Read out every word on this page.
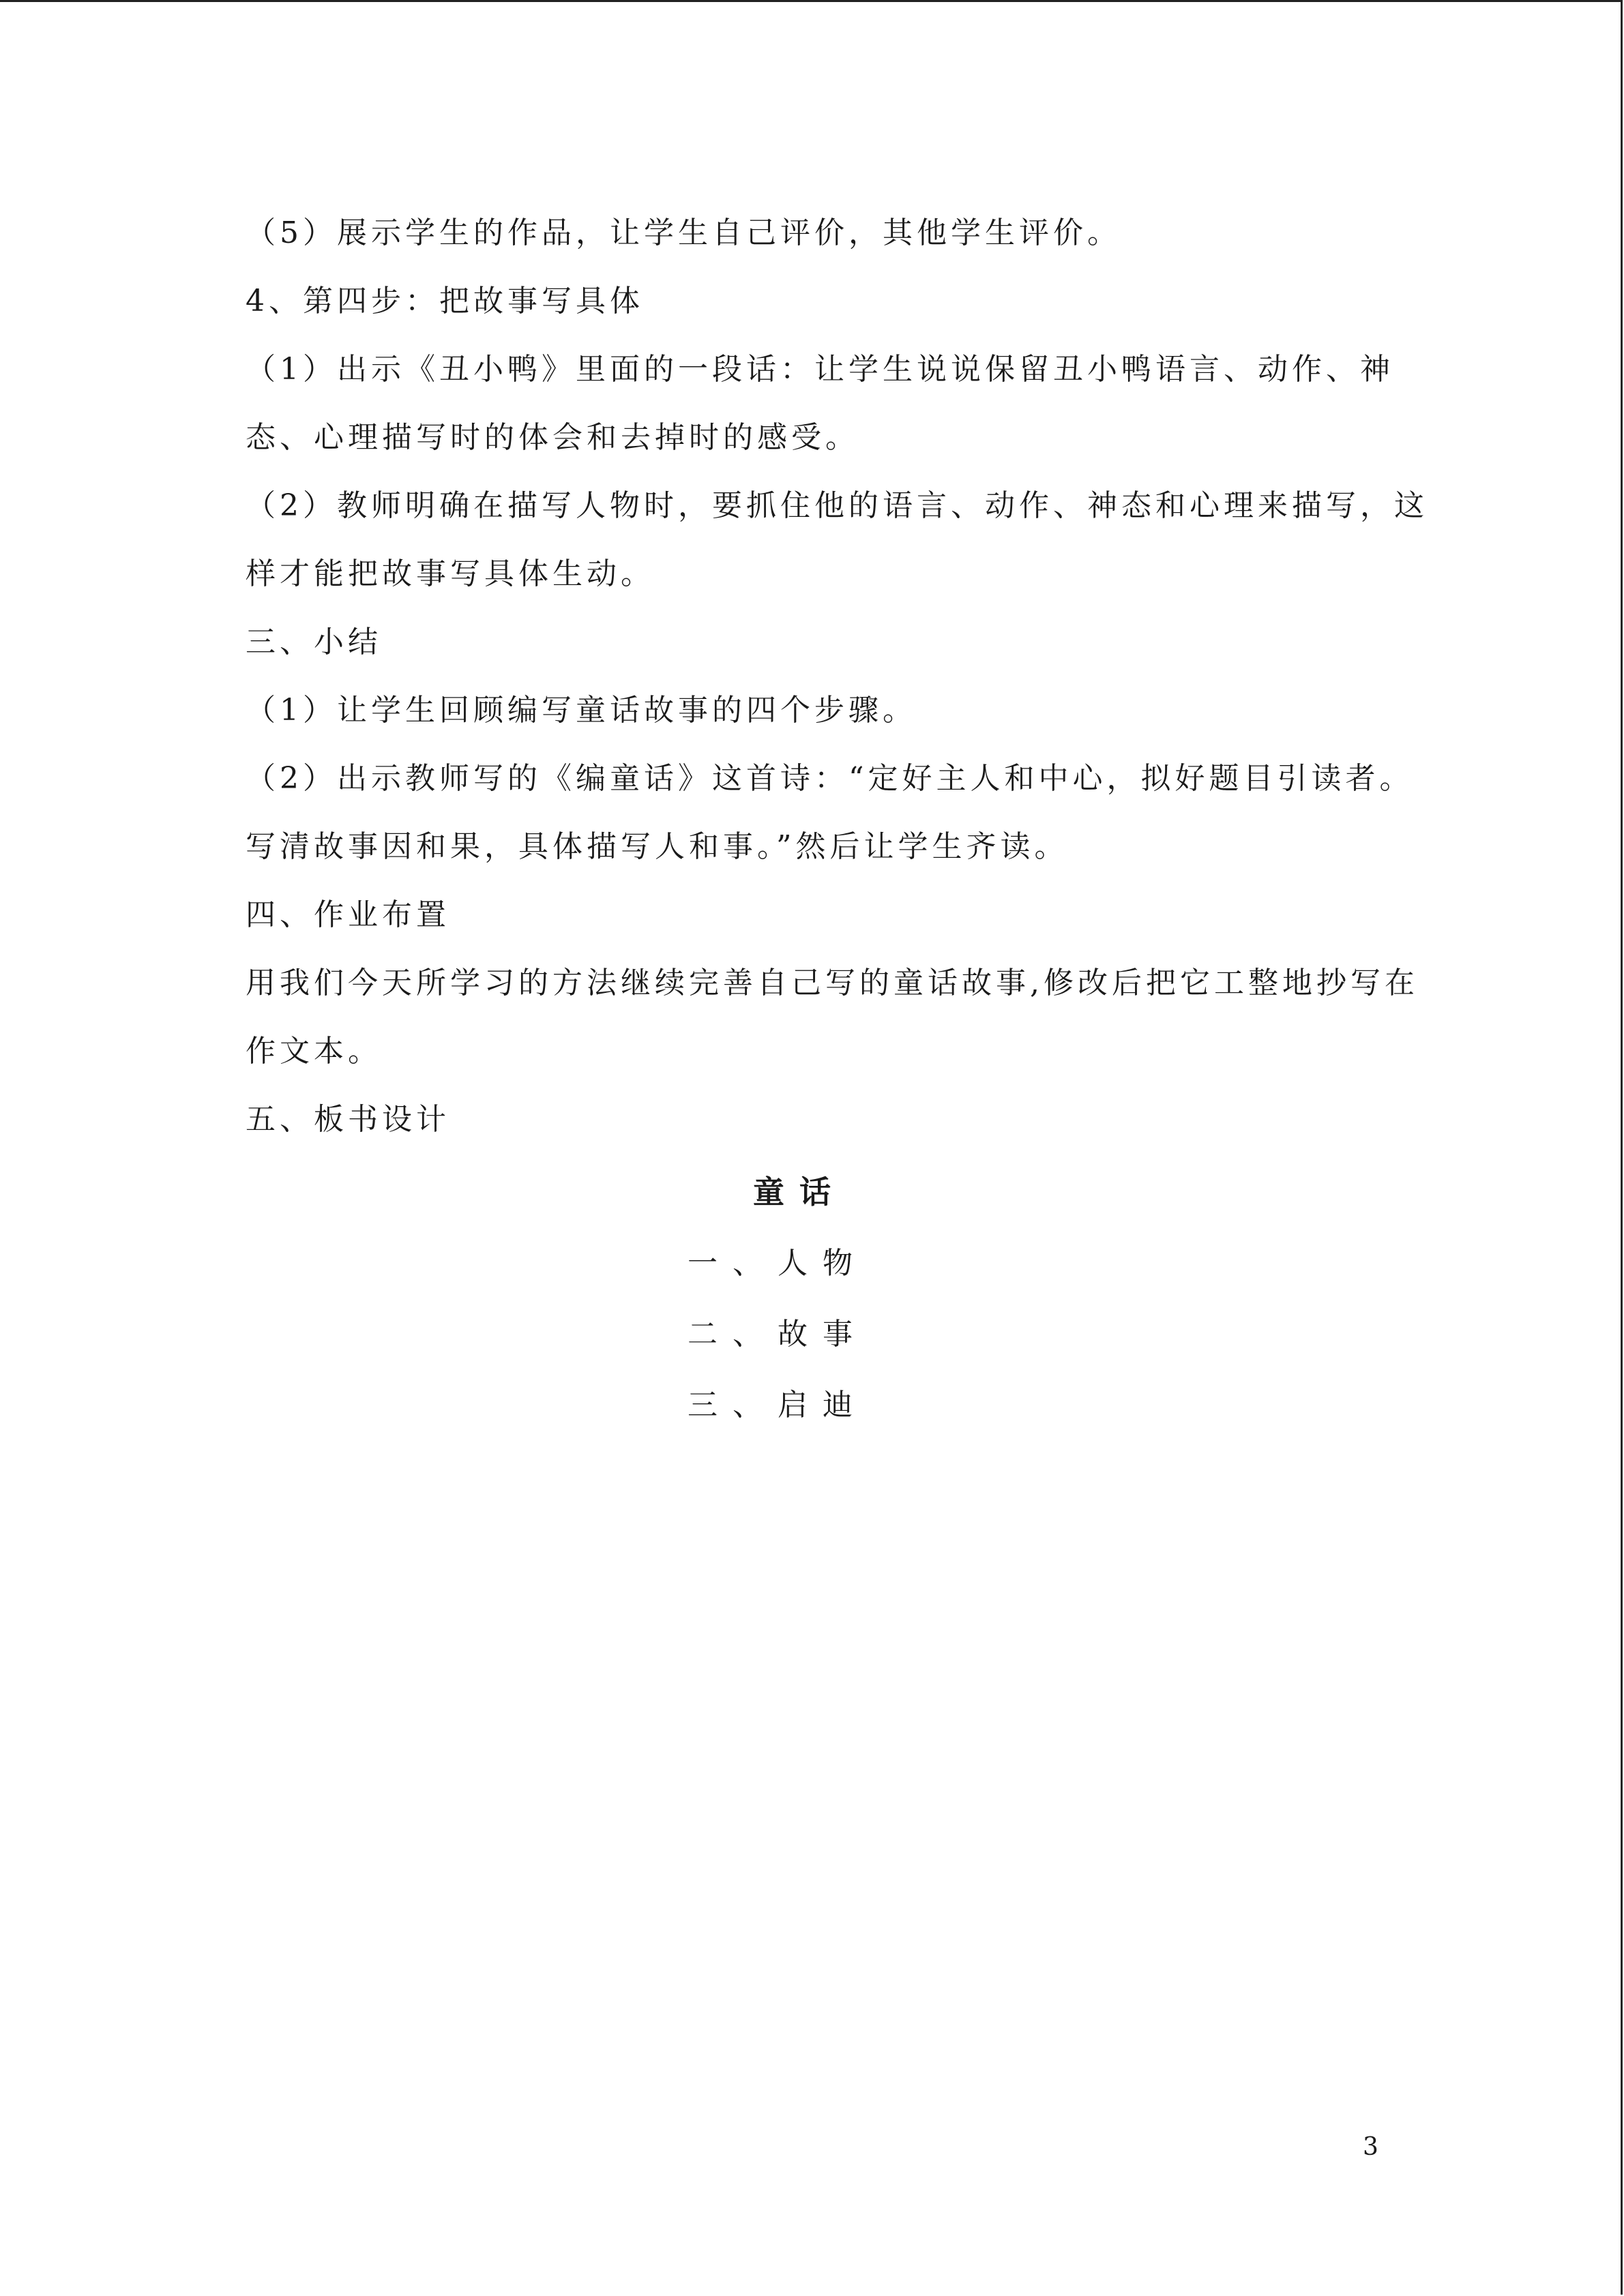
（5）展示学生的作品，让学生自己评价，其他学生评价。

4、第四步：把故事写具体

（1）出示《丑小鸭》里面的一段话：让学生说说保留丑小鸭语言、动作、神

态、心理描写时的体会和去掉时的感受。

（2）教师明确在描写人物时，要抓住他的语言、动作、神态和心理来描写，这

样才能把故事写具体生动。

三、小结

（1）让学生回顾编写童话故事的四个步骤。

（2）出示教师写的《编童话》这首诗：“定好主人和中心，拟好题目引读者。

写清故事因和果，具体描写人和事。”然后让学生齐读。

四、作业布置

用我们今天所学习的方法继续完善自己写的童话故事,修改后把它工整地抄写在

作文本。

五、板书设计

童话
一、人物
二、故事
三、启迪
3
